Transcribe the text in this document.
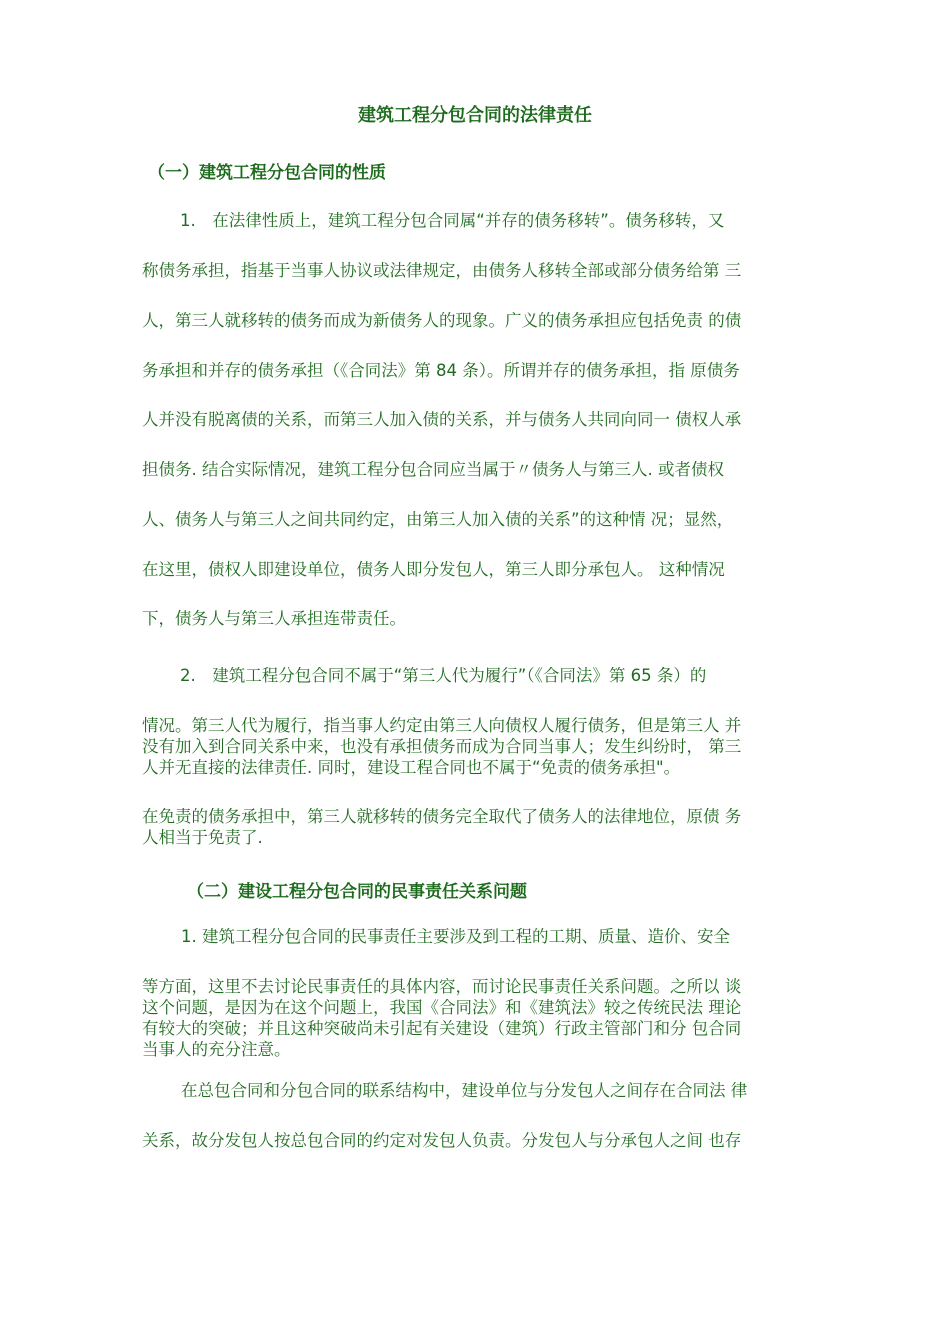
建筑工程分包合同的法律责任
（一）建筑工程分包合同的性质
1.　在法律性质上，建筑工程分包合同属“并存的债务移转”。债务移转，又
称债务承担，指基于当事人协议或法律规定，由债务人移转全部或部分债务给第 三
人，第三人就移转的债务而成为新债务人的现象。广义的债务承担应包括免责 的债
务承担和并存的债务承担（《合同法》第 84 条）。所谓并存的债务承担，指 原债务
人并没有脱离债的关系，而第三人加入债的关系，并与债务人共同向同一 债权人承
担债务. 结合实际情况，建筑工程分包合同应当属于〃债务人与第三人. 或者债权
人、债务人与第三人之间共同约定，由第三人加入债的关系”的这种情 况；显然，
在这里，债权人即建设单位，债务人即分发包人，第三人即分承包人。 这种情况
下，债务人与第三人承担连带责任。
2.　建筑工程分包合同不属于“第三人代为履行”（《合同法》第 65 条）的
情况。第三人代为履行，指当事人约定由第三人向债权人履行债务，但是第三人 并
没有加入到合同关系中来，也没有承担债务而成为合同当事人；发生纠纷时， 第三
人并无直接的法律责任. 同时，建设工程合同也不属于“免责的债务承担"。
在免责的债务承担中，第三人就移转的债务完全取代了债务人的法律地位，原债 务
人相当于免责了.
（二）建设工程分包合同的民事责任关系问题
1. 建筑工程分包合同的民事责任主要涉及到工程的工期、质量、造价、安全
等方面，这里不去讨论民事责任的具体内容，而讨论民事责任关系问题。之所以 谈
这个问题，是因为在这个问题上，我国《合同法》和《建筑法》较之传统民法 理论
有较大的突破；并且这种突破尚未引起有关建设（建筑）行政主管部门和分 包合同
当事人的充分注意。
在总包合同和分包合同的联系结构中，建设单位与分发包人之间存在合同法 律
关系，故分发包人按总包合同的约定对发包人负责。分发包人与分承包人之间 也存
